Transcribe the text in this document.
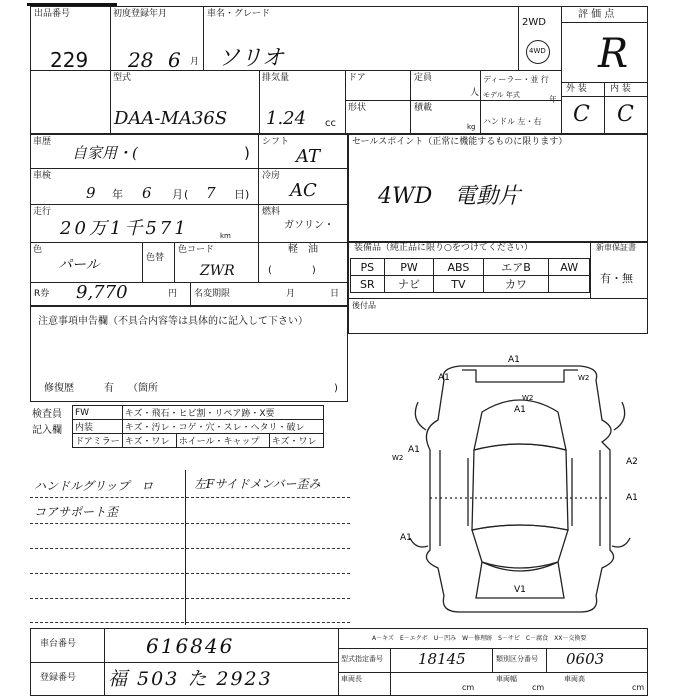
出品番号
229
初度登録年月
28 6 月
車名・グレード
ソリオ
2WD
4WD
評 価 点
R
型式
DAA-MA36S
排気量
1.24 cc
ドア	定員
人
ディーラー・並 行
モデル 年式	年
形状	積載
kg
ハンドル 左・右
外 装	内 装
C C
車歴
自家用・(	)
シフト
AT
車検
9 年 6 月 ( 7 日)
冷房
AC
走行
20万1千571	km
燃料
ガソリン・
軽　油
(　　　　)
色
パール	色替
色コード
ZWR
R券 9,770	円 名変期限	月	日
セールスポイント（正常に機能するものに限ります）
4WD　電動片
装備品（純正品に限り○をつけてください）	新車保証書
有・無
PS	PW	ABS	エアB	AW
SR	ナビ	TV	カワ	
後付品
注意事項申告欄（不具合内容等は具体的に記入して下さい）
修復歴	有 （箇所	)
検査員
記入欄
FW	キズ・飛石・ヒビ割・リペア跡・X要		
内装	キズ・汚レ・コゲ・穴・スレ・ヘタリ・破レ		
ドアミラー	キズ・ワレ	ホイール・キャップ	キズ・ワレ
ハンドルグリップ　ロ
コアサポート歪
左Fサイドメンバー歪み
A1
A1
W2
A1
W2
A1
W2	A2
A1
A1
V1
車台番号	616846
登録番号 福 503 た 2923
A－キズ　E－エクボ　U－凹み　W－修理跡　S－サビ　C－腐食　XX－交換要
型式指定番号 18145	類別区分番号 0603
車両長
cm
車両幅
cm
車両高
cm
